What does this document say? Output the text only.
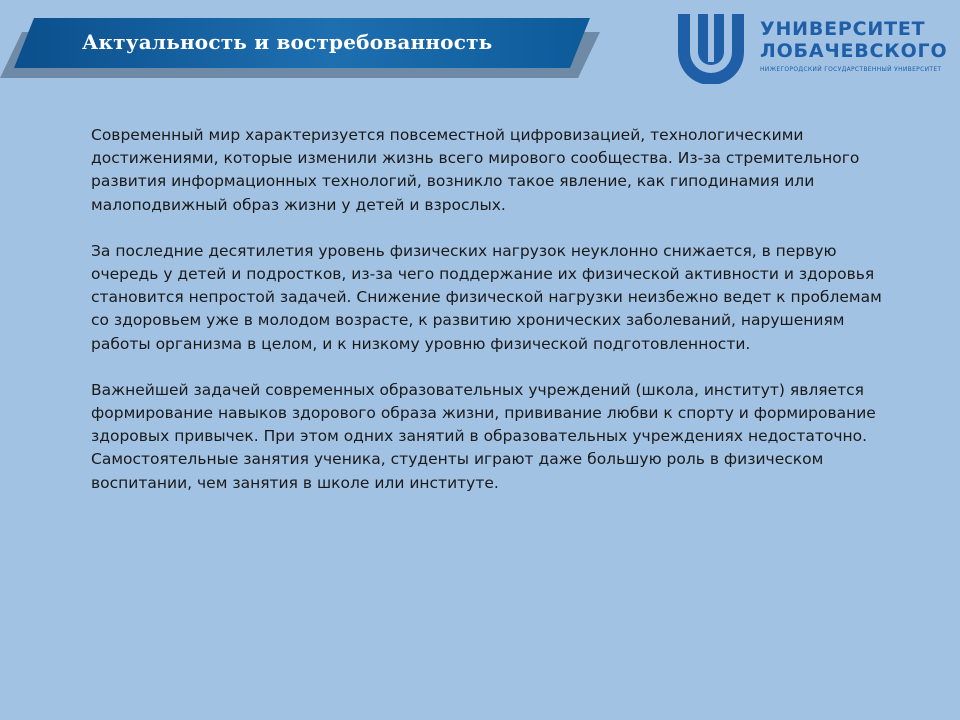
Актуальность и востребованность
УНИВЕРСИТЕТ
ЛОБАЧЕВСКОГО
НИЖЕГОРОДСКИЙ ГОСУДАРСТВЕННЫЙ УНИВЕРСИТЕТ

Современный мир характеризуется повсеместной цифровизацией, технологическими достижениями, которые изменили жизнь всего мирового сообщества. Из-за стремительного развития информационных технологий, возникло такое явление, как гиподинамия или малоподвижный образ жизни у детей и взрослых.

За последние десятилетия уровень физических нагрузок неуклонно снижается, в первую очередь у детей и подростков, из-за чего поддержание их физической активности и здоровья становится непростой задачей. Снижение физической нагрузки неизбежно ведет к проблемам со здоровьем уже в молодом возрасте, к развитию хронических заболеваний, нарушениям работы организма в целом, и к низкому уровню физической подготовленности.

Важнейшей задачей современных образовательных учреждений (школа, институт) является формирование навыков здорового образа жизни, прививание любви к спорту и формирование здоровых привычек. При этом одних занятий в образовательных учреждениях недостаточно. Самостоятельные занятия ученика, студенты играют даже большую роль в физическом воспитании, чем занятия в школе или институте.
